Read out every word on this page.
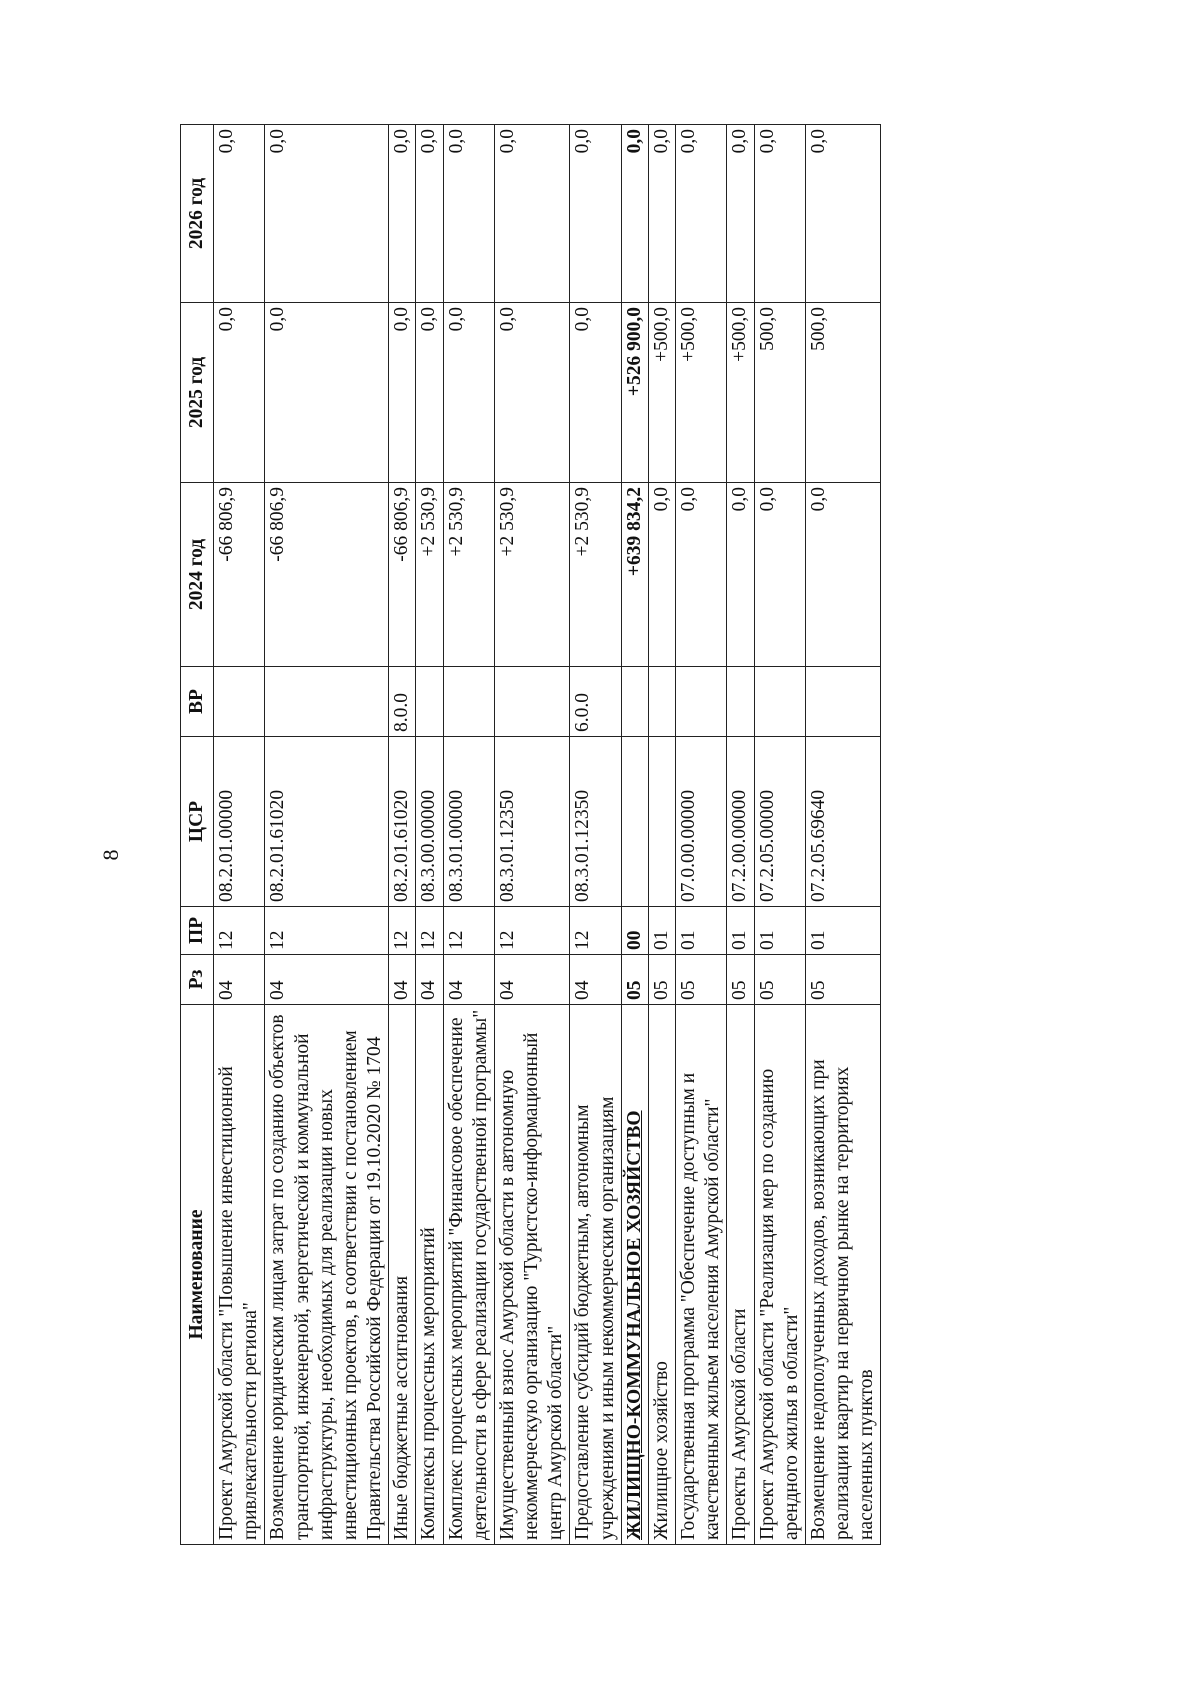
8
Наименование	Рз	ПР	ЦСР	ВР	2024 год	2025 год	2026 год
Проект Амурской области "Повышение инвестиционной привлекательности региона"	04	12	08.2.01.00000		-66 806,9	0,0	0,0
Возмещение юридическим лицам затрат по созданию объектов транспортной, инженерной, энергетической и коммунальной инфраструктуры, необходимых для реализации новых инвестиционных проектов, в соответствии с постановлением Правительства Российской Федерации от 19.10.2020 № 1704	04	12	08.2.01.61020		-66 806,9	0,0	0,0
Иные бюджетные ассигнования	04	12	08.2.01.61020	8.0.0	-66 806,9	0,0	0,0
Комплексы процессных мероприятий	04	12	08.3.00.00000		+2 530,9	0,0	0,0
Комплекс процессных мероприятий "Финансовое обеспечение деятельности в сфере реализации государственной программы"	04	12	08.3.01.00000		+2 530,9	0,0	0,0
Имущественный взнос Амурской области в автономную некоммерческую организацию "Туристско-информационный центр Амурской области"	04	12	08.3.01.12350		+2 530,9	0,0	0,0
Предоставление субсидий бюджетным, автономным учреждениям и иным некоммерческим организациям	04	12	08.3.01.12350	6.0.0	+2 530,9	0,0	0,0
ЖИЛИЩНО-КОММУНАЛЬНОЕ ХОЗЯЙСТВО	05	00			+639 834,2	+526 900,0	0,0
Жилищное хозяйство	05	01			0,0	+500,0	0,0
Государственная программа "Обеспечение доступным и качественным жильем населения Амурской области"	05	01	07.0.00.00000		0,0	+500,0	0,0
Проекты Амурской области	05	01	07.2.00.00000		0,0	+500,0	0,0
Проект Амурской области "Реализация мер по созданию арендного жилья в области"	05	01	07.2.05.00000		0,0	500,0	0,0
Возмещение недополученных доходов, возникающих при реализации квартир на первичном рынке на территориях населенных пунктов	05	01	07.2.05.69640		0,0	500,0	0,0
